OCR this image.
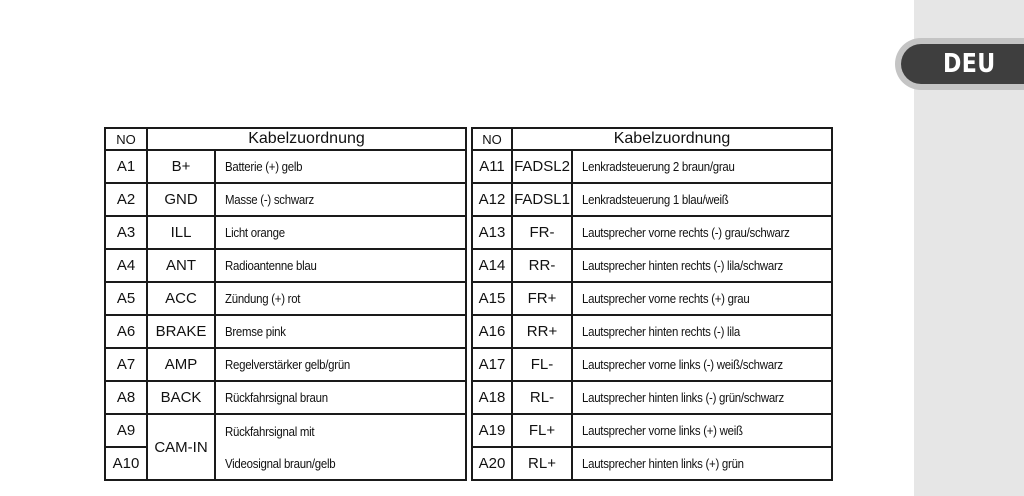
DEU
NO	Kabelzuordnung			NO	Kabelzuordnung	
A1	B+	Batterie (+) gelb		A11	FADSL2	Lenkradsteuerung 2 braun/grau
A2	GND	Masse (-) schwarz		A12	FADSL1	Lenkradsteuerung 1 blau/weiß
A3	ILL	Licht orange		A13	FR-	Lautsprecher vorne rechts (-) grau/schwarz
A4	ANT	Radioantenne blau		A14	RR-	Lautsprecher hinten rechts (-) lila/schwarz
A5	ACC	Zündung (+) rot		A15	FR+	Lautsprecher vorne rechts (+) grau
A6	BRAKE	Bremse pink		A16	RR+	Lautsprecher hinten rechts (-) lila
A7	AMP	Regelverstärker gelb/grün		A17	FL-	Lautsprecher vorne links (-) weiß/schwarz
A8	BACK	Rückfahrsignal braun		A18	RL-	Lautsprecher hinten links (-) grün/schwarz
A9	CAM-IN	Rückfahrsignal mit		A19	FL+	Lautsprecher vorne links (+) weiß
A10		Videosignal braun/gelb		A20	RL+	Lautsprecher hinten links (+) grün
